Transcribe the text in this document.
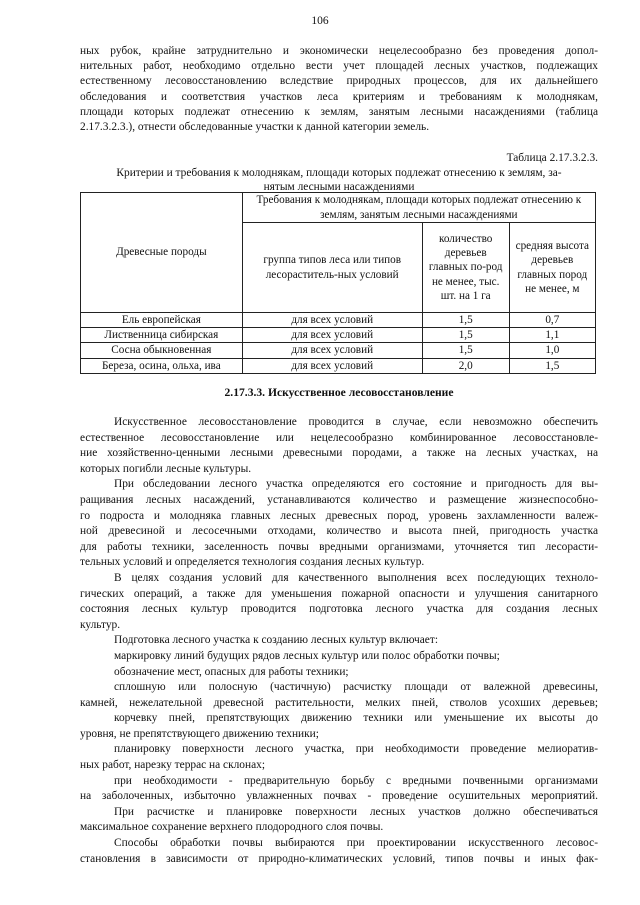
106

ных рубок, крайне затруднительно и экономически нецелесообразно без проведения допол-

нительных работ, необходимо отдельно вести учет площадей лесных участков, подлежащих

естественному лесовосстановлению вследствие природных процессов, для их дальнейшего

обследования и соответствия участков леса критериям и требованиям к молоднякам,

площади которых подлежат отнесению к землям, занятым лесными насаждениями (таблица

2.17.3.2.3.), отнести обследованные участки к данной категории земель.

Таблица 2.17.3.2.3.
Критерии и требования к молоднякам, площади которых подлежат отнесению к землям, за-
нятым лесными насаждениями
Древесные породы	Требования к молоднякам, площади которых подлежат отнесению к землям, занятым лесными насаждениями		
	группа типов леса или типов лесораститель-ных условий	количество деревьев главных по-род не менее, тыс. шт. на 1 га	средняя высота деревьев главных пород не менее, м
Ель европейская	для всех условий	1,5	0,7
Лиственница сибирская	для всех условий	1,5	1,1
Сосна обыкновенная	для всех условий	1,5	1,0
Береза, осина, ольха, ива	для всех условий	2,0	1,5
2.17.3.3. Искусственное лесовосстановление

Искусственное лесовосстановление проводится в случае, если невозможно обеспечить

естественное лесовосстановление или нецелесообразно комбинированное лесовосстановле-

ние хозяйственно-ценными лесными древесными породами, а также на лесных участках, на

которых погибли лесные культуры.

При обследовании лесного участка определяются его состояние и пригодность для вы-

ращивания лесных насаждений, устанавливаются количество и размещение жизнеспособно-

го подроста и молодняка главных лесных древесных пород, уровень захламленности валеж-

ной древесиной и лесосечными отходами, количество и высота пней, пригодность участка

для работы техники, заселенность почвы вредными организмами, уточняется тип лесорасти-

тельных условий и определяется технология создания лесных культур.

В целях создания условий для качественного выполнения всех последующих техноло-

гических операций, а также для уменьшения пожарной опасности и улучшения санитарного

состояния лесных культур проводится подготовка лесного участка для создания лесных

культур.

Подготовка лесного участка к созданию лесных культур включает:

маркировку линий будущих рядов лесных культур или полос обработки почвы;

обозначение мест, опасных для работы техники;

сплошную или полосную (частичную) расчистку площади от валежной древесины,

камней, нежелательной древесной растительности, мелких пней, стволов усохших деревьев;

корчевку пней, препятствующих движению техники или уменьшение их высоты до

уровня, не препятствующего движению техники;

планировку поверхности лесного участка, при необходимости проведение мелиоратив-

ных работ, нарезку террас на склонах;

при необходимости - предварительную борьбу с вредными почвенными организмами

на заболоченных, избыточно увлажненных почвах - проведение осушительных мероприятий.

При расчистке и планировке поверхности лесных участков должно обеспечиваться

максимальное сохранение верхнего плодородного слоя почвы.

Способы обработки почвы выбираются при проектировании искусственного лесовос-

становления в зависимости от природно-климатических условий, типов почвы и иных фак-
